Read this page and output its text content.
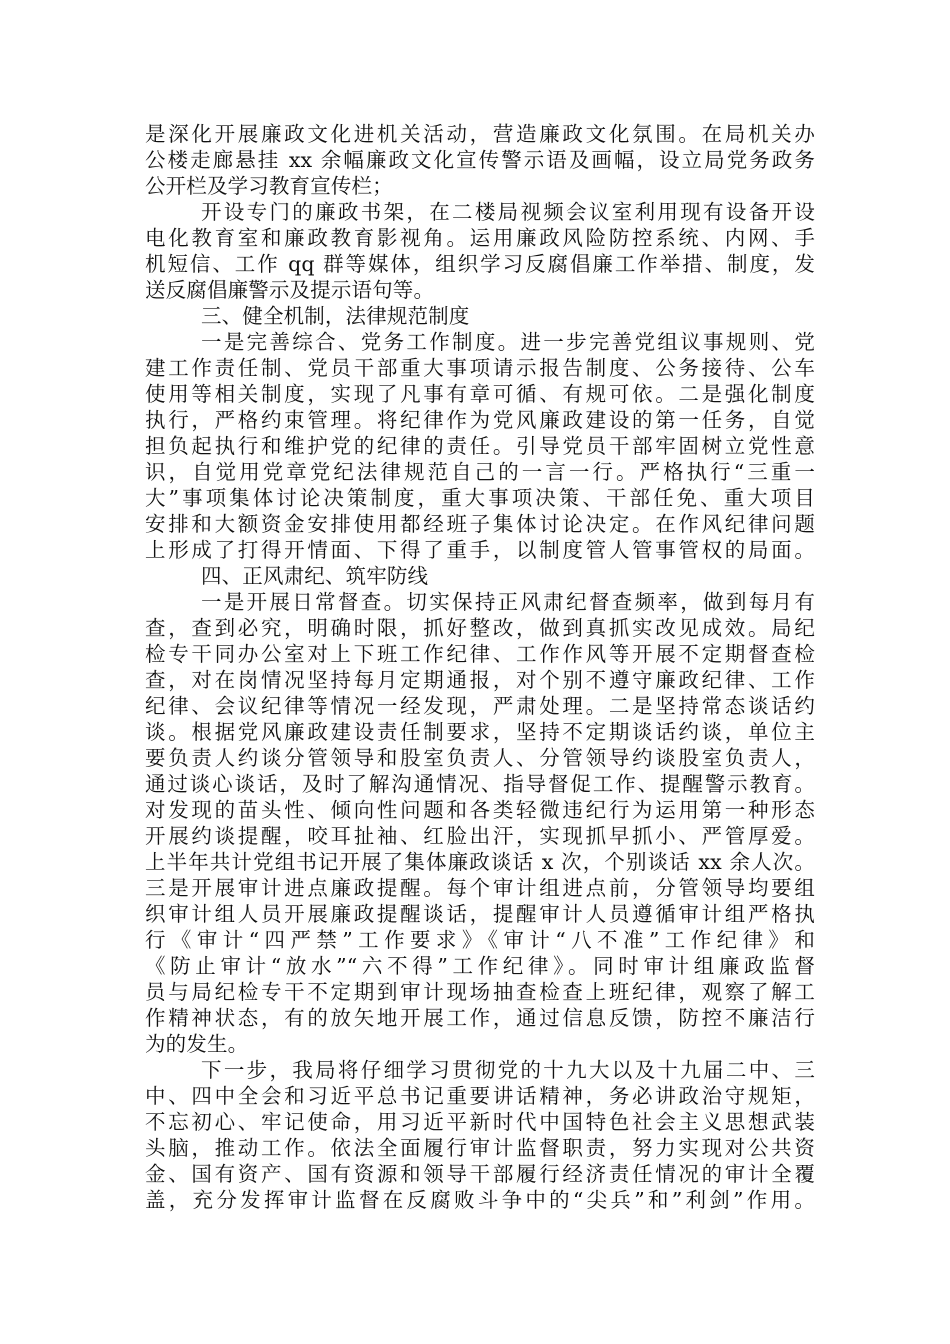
是深化开展廉政文化进机关活动，营造廉政文化氛围。在局机关办
公楼走廊悬挂 xx 余幅廉政文化宣传警示语及画幅，设立局党务政务
公开栏及学习教育宣传栏；
开设专门的廉政书架，在二楼局视频会议室利用现有设备开设
电化教育室和廉政教育影视角。运用廉政风险防控系统、内网、手
机短信、工作 qq 群等媒体，组织学习反腐倡廉工作举措、制度，发
送反腐倡廉警示及提示语句等。
三、健全机制，法律规范制度
一是完善综合、党务工作制度。进一步完善党组议事规则、党
建工作责任制、党员干部重大事项请示报告制度、公务接待、公车
使用等相关制度，实现了凡事有章可循、有规可依。二是强化制度
执行，严格约束管理。将纪律作为党风廉政建设的第一任务，自觉
担负起执行和维护党的纪律的责任。引导党员干部牢固树立党性意
识，自觉用党章党纪法律规范自己的一言一行。严格执行“三重一
大”事项集体讨论决策制度，重大事项决策、干部任免、重大项目
安排和大额资金安排使用都经班子集体讨论决定。在作风纪律问题
上形成了打得开情面、下得了重手，以制度管人管事管权的局面。
四、正风肃纪、筑牢防线
一是开展日常督查。切实保持正风肃纪督查频率，做到每月有
查，查到必究，明确时限，抓好整改，做到真抓实改见成效。局纪
检专干同办公室对上下班工作纪律、工作作风等开展不定期督查检
查，对在岗情况坚持每月定期通报，对个别不遵守廉政纪律、工作
纪律、会议纪律等情况一经发现，严肃处理。二是坚持常态谈话约
谈。根据党风廉政建设责任制要求，坚持不定期谈话约谈，单位主
要负责人约谈分管领导和股室负责人、分管领导约谈股室负责人，
通过谈心谈话，及时了解沟通情况、指导督促工作、提醒警示教育。
对发现的苗头性、倾向性问题和各类轻微违纪行为运用第一种形态
开展约谈提醒，咬耳扯袖、红脸出汗，实现抓早抓小、严管厚爱。
上半年共计党组书记开展了集体廉政谈话 x 次，个别谈话 xx 余人次。
三是开展审计进点廉政提醒。每个审计组进点前，分管领导均要组
织审计组人员开展廉政提醒谈话，提醒审计人员遵循审计组严格执
行《审计“四严禁”工作要求》《审计“八不准”工作纪律》和
《防止审计“放水”“六不得”工作纪律》。同时审计组廉政监督
员与局纪检专干不定期到审计现场抽查检查上班纪律，观察了解工
作精神状态，有的放矢地开展工作，通过信息反馈，防控不廉洁行
为的发生。
下一步，我局将仔细学习贯彻党的十九大以及十九届二中、三
中、四中全会和习近平总书记重要讲话精神，务必讲政治守规矩，
不忘初心、牢记使命，用习近平新时代中国特色社会主义思想武装
头脑，推动工作。依法全面履行审计监督职责，努力实现对公共资
金、国有资产、国有资源和领导干部履行经济责任情况的审计全覆
盖，充分发挥审计监督在反腐败斗争中的“尖兵”和”利剑”作用。
